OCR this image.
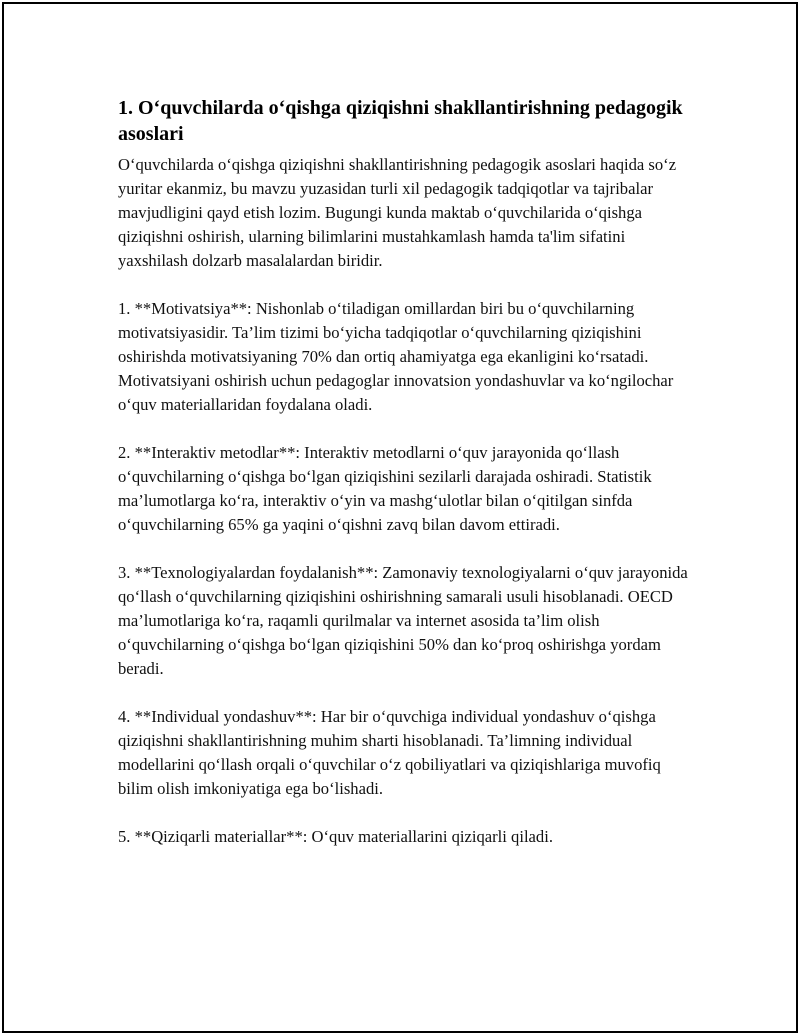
1. O‘quvchilarda o‘qishga qiziqishni shakllantirishning pedagogik asoslari

O‘quvchilarda o‘qishga qiziqishni shakllantirishning pedagogik asoslari haqida so‘z yuritar ekanmiz, bu mavzu yuzasidan turli xil pedagogik tadqiqotlar va tajribalar mavjudligini qayd etish lozim. Bugungi kunda maktab o‘quvchilarida o‘qishga qiziqishni oshirish, ularning bilimlarini mustahkamlash hamda ta'lim sifatini yaxshilash dolzarb masalalardan biridir.

1. **Motivatsiya**: Nishonlab o‘tiladigan omillardan biri bu o‘quvchilarning motivatsiyasidir. Ta’lim tizimi bo‘yicha tadqiqotlar o‘quvchilarning qiziqishini oshirishda motivatsiyaning 70% dan ortiq ahamiyatga ega ekanligini ko‘rsatadi. Motivatsiyani oshirish uchun pedagoglar innovatsion yondashuvlar va ko‘ngilochar o‘quv materiallaridan foydalana oladi.

2. **Interaktiv metodlar**: Interaktiv metodlarni o‘quv jarayonida qo‘llash o‘quvchilarning o‘qishga bo‘lgan qiziqishini sezilarli darajada oshiradi. Statistik ma’lumotlarga ko‘ra, interaktiv o‘yin va mashg‘ulotlar bilan o‘qitilgan sinfda o‘quvchilarning 65% ga yaqini o‘qishni zavq bilan davom ettiradi.

3. **Texnologiyalardan foydalanish**: Zamonaviy texnologiyalarni o‘quv jarayonida qo‘llash o‘quvchilarning qiziqishini oshirishning samarali usuli hisoblanadi. OECD ma’lumotlariga ko‘ra, raqamli qurilmalar va internet asosida ta’lim olish o‘quvchilarning o‘qishga bo‘lgan qiziqishini 50% dan ko‘proq oshirishga yordam beradi.

4. **Individual yondashuv**: Har bir o‘quvchiga individual yondashuv o‘qishga qiziqishni shakllantirishning muhim sharti hisoblanadi. Ta’limning individual modellarini qo‘llash orqali o‘quvchilar o‘z qobiliyatlari va qiziqishlariga muvofiq bilim olish imkoniyatiga ega bo‘lishadi.

5. **Qiziqarli materiallar**: O‘quv materiallarini qiziqarli qiladi.
